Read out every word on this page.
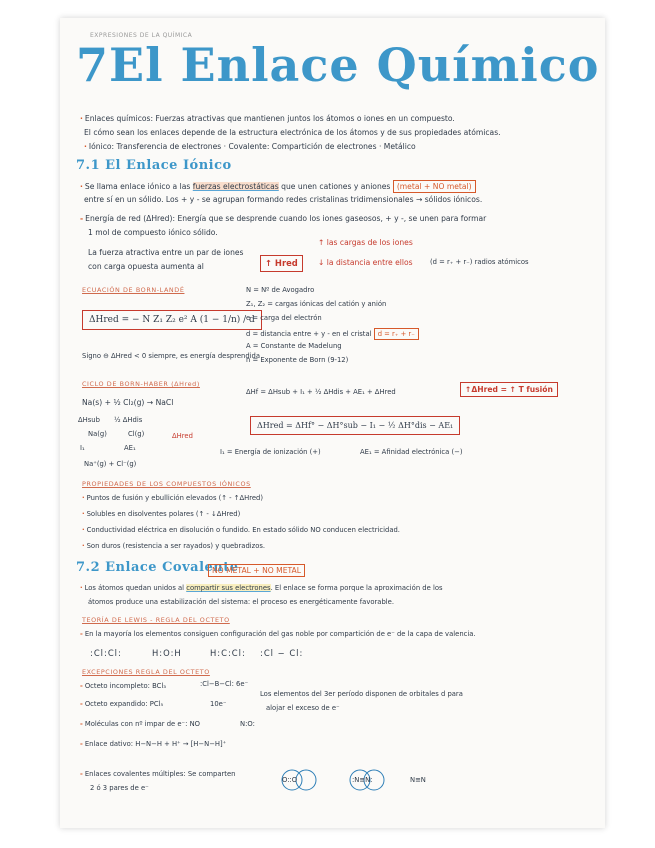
EXPRESIONES DE LA QUÍMICA
7El Enlace Químico
· Enlaces químicos: Fuerzas atractivas que mantienen juntos los átomos o iones en un compuesto.
El cómo sean los enlaces depende de la estructura electrónica de los átomos y de sus propiedades atómicas.
· Iónico: Transferencia de electrones · Covalente: Compartición de electrones · Metálico
7.1 El Enlace Iónico
· Se llama enlace iónico a las fuerzas electrostáticas que unen cationes y aniones (metal + NO metal)
entre sí en un sólido. Los + y - se agrupan formando redes cristalinas tridimensionales → sólidos iónicos.
- Energía de red (ΔHred): Energía que se desprende cuando los iones gaseosos, + y -, se unen para formar
1 mol de compuesto iónico sólido.
La fuerza atractiva entre un par de iones
con carga opuesta aumenta al	↑ Hred
↑ las cargas de los iones
↓ la distancia entre ellos	(d = r₊ + r₋) radios atómicos
ECUACIÓN DE BORN-LANDÉ
ΔHred = − N Z₁ Z₂ e² A (1 − 1/n) / d
N = Nº de Avogadro
Z₁, Z₂ = cargas iónicas del catión y anión
e = carga del electrón
d = distancia entre + y - en el cristal d = r₊ + r₋
A = Constante de Madelung
n = Exponente de Born (9-12)
Signo ⊖ ΔHred < 0 siempre, es energía desprendida
CICLO DE BORN-HABER (ΔHred)
ΔHf = ΔHsub + I₁ + ½ ΔHdis + AE₁ + ΔHred	↑ΔHred = ↑ T fusión
Na(s) + ½ Cl₂(g) → NaCl
ΔHred = ΔHf° − ΔH°sub − I₁ − ½ ΔH°dis − AE₁
ΔHsub ½ ΔHdis
Na(g)	Cl(g)
I₁	AE₁
ΔHred
Na⁺(g) + Cl⁻(g)
I₁ = Energía de ionización (+)	AE₁ = Afinidad electrónica (−)
PROPIEDADES DE LOS COMPUESTOS IÓNICOS
· Puntos de fusión y ebullición elevados (↑ - ↑ΔHred)
· Solubles en disolventes polares (↑ - ↓ΔHred)
· Conductividad eléctrica en disolución o fundido. En estado sólido NO conducen electricidad.
· Son duros (resistencia a ser rayados) y quebradizos.
7.2 Enlace Covalente
NO METAL + NO METAL
· Los átomos quedan unidos al compartir sus electrones. El enlace se forma porque la aproximación de los
átomos produce una estabilización del sistema: el proceso es energéticamente favorable.
TEORÍA DE LEWIS - REGLA DEL OCTETO
- En la mayoría los elementos consiguen configuración del gas noble por compartición de e⁻ de la capa de valencia.
:Cl:Cl:	H:O:H	H:C:Cl: :Cl − Cl:
EXCEPCIONES REGLA DEL OCTETO
- Octeto incompleto: BCl₃	:Cl−B−Cl: 6e⁻
- Octeto expandido: PCl₅	10e⁻
Los elementos del 3er período disponen de orbitales d para
alojar el exceso de e⁻
- Moléculas con nº impar de e⁻: NO	N:O:
- Enlace dativo: H−N−H + H⁺ → [H−N−H]⁺
- Enlaces covalentes múltiples: Se comparten
2 ó 3 pares de e⁻
O::O	:N≡N:	N≡N
